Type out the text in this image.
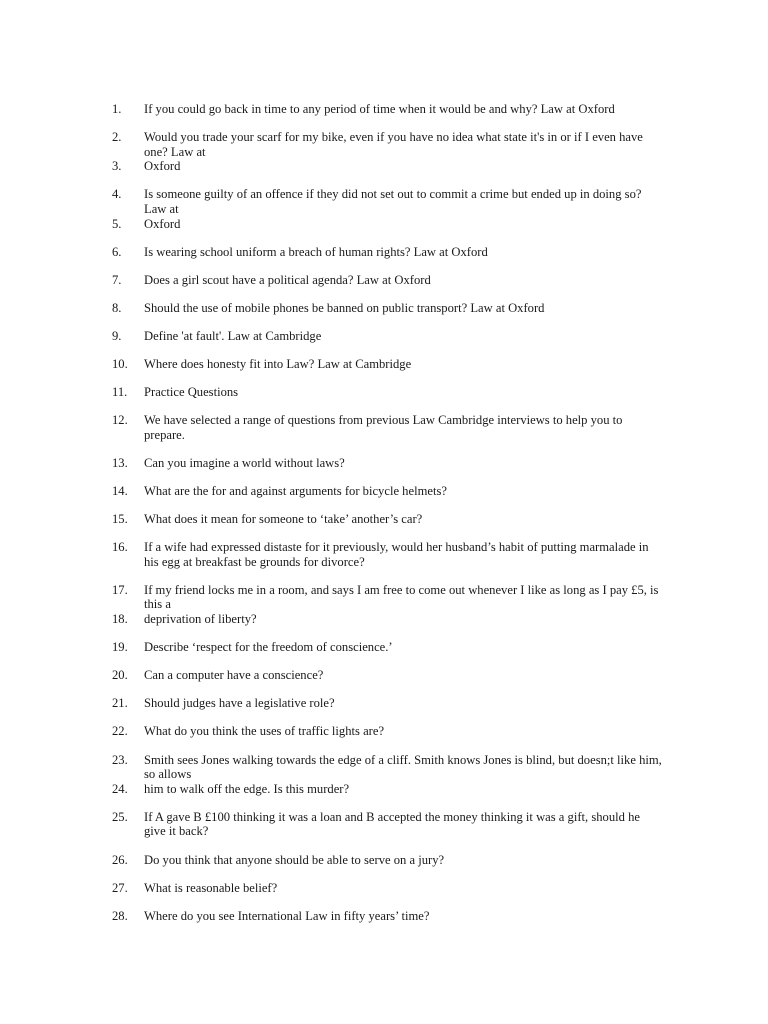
1.	If you could go back in time to any period of time when it would be and why? Law at Oxford
2.	Would you trade your scarf for my bike, even if you have no idea what state it's in or if I even have
one? Law at
3.	Oxford
4.	Is someone guilty of an offence if they did not set out to commit a crime but ended up in doing so?
Law at
5.	Oxford
6.	Is wearing school uniform a breach of human rights? Law at Oxford
7.	Does a girl scout have a political agenda? Law at Oxford
8.	Should the use of mobile phones be banned on public transport? Law at Oxford
9.	Define 'at fault'. Law at Cambridge
10.	Where does honesty fit into Law? Law at Cambridge
11.	Practice Questions
12.	We have selected a range of questions from previous Law Cambridge interviews to help you to
prepare.
13.	Can you imagine a world without laws?
14.	What are the for and against arguments for bicycle helmets?
15.	What does it mean for someone to ‘take’ another’s car?
16.	If a wife had expressed distaste for it previously, would her husband’s habit of putting marmalade in
his egg at breakfast be grounds for divorce?
17.	If my friend locks me in a room, and says I am free to come out whenever I like as long as I pay £5, is
this a
18.	deprivation of liberty?
19.	Describe ‘respect for the freedom of conscience.’
20.	Can a computer have a conscience?
21.	Should judges have a legislative role?
22.	What do you think the uses of traffic lights are?
23.	Smith sees Jones walking towards the edge of a cliff. Smith knows Jones is blind, but doesn;t like him,
so allows
24.	him to walk off the edge. Is this murder?
25.	If A gave B £100 thinking it was a loan and B accepted the money thinking it was a gift, should he
give it back?
26.	Do you think that anyone should be able to serve on a jury?
27.	What is reasonable belief?
28.	Where do you see International Law in fifty years’ time?
